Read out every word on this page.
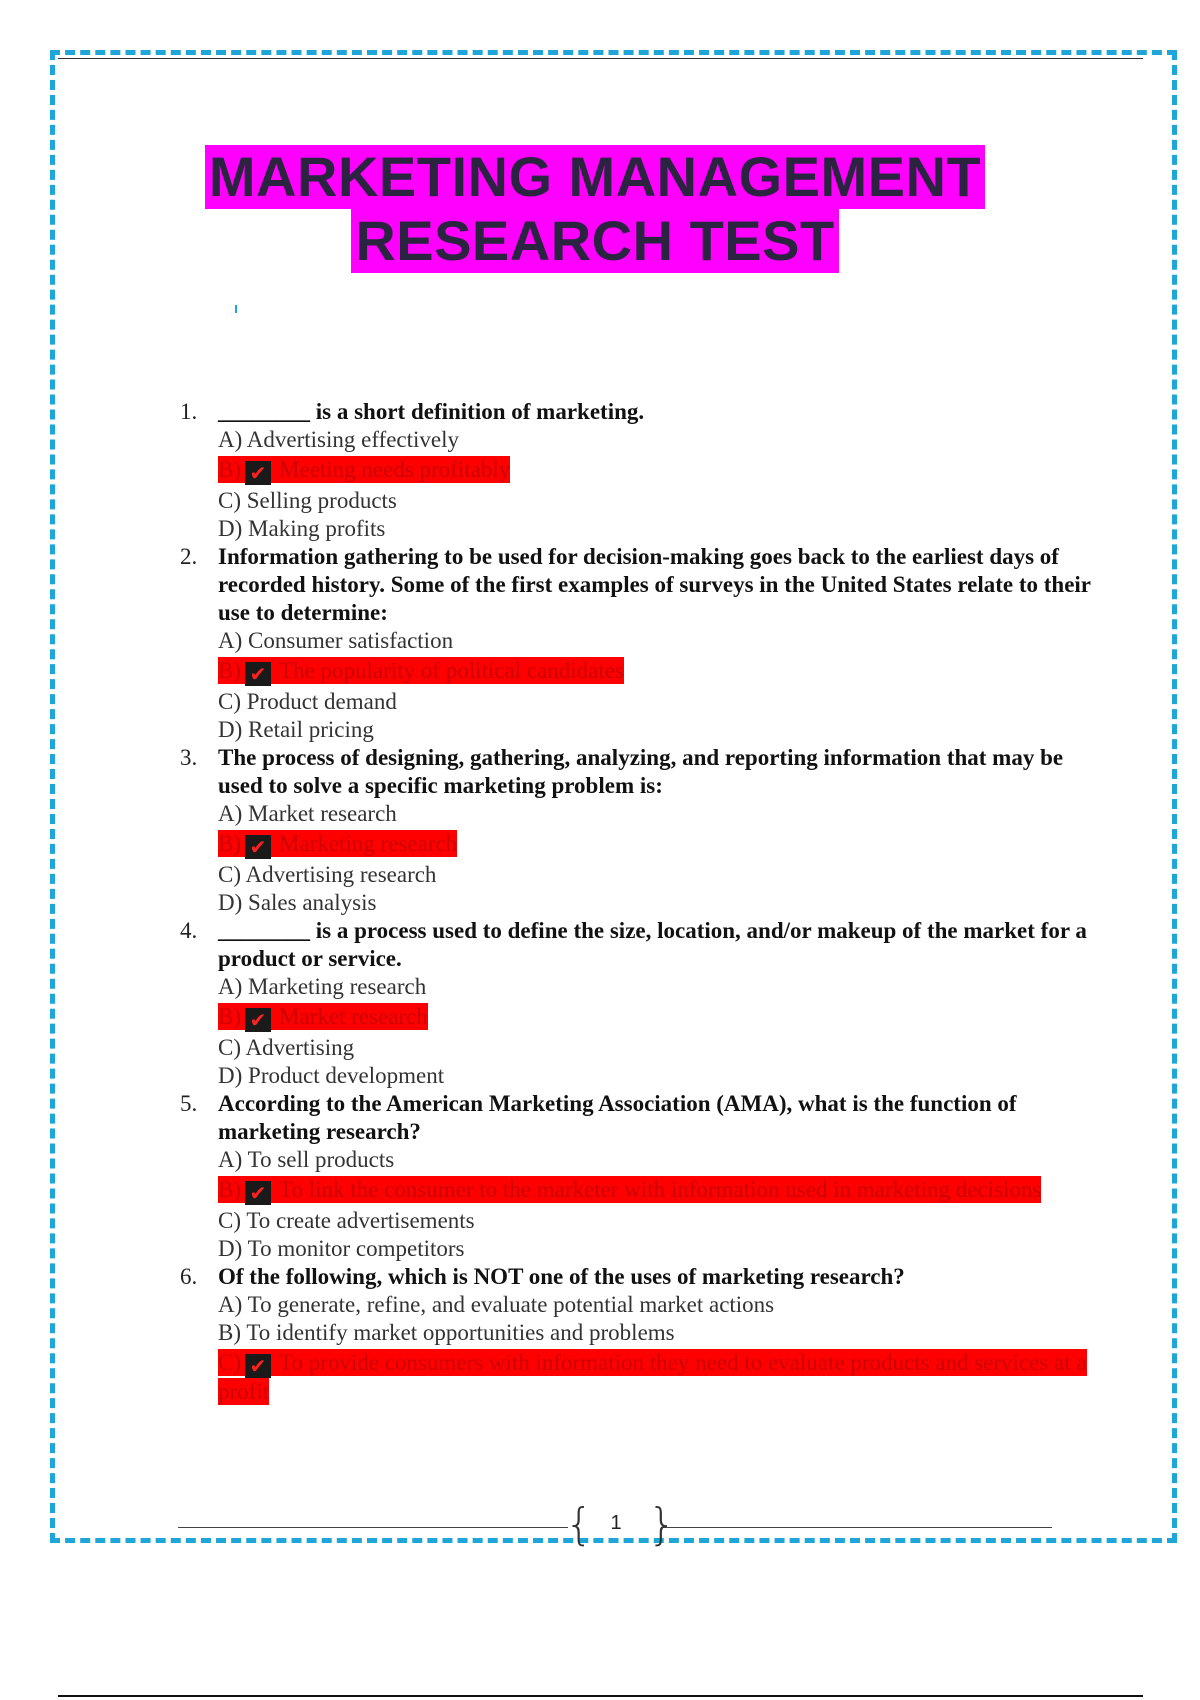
MARKETING MANAGEMENT
RESEARCH TEST
1. ________ is a short definition of marketing.
A) Advertising effectively
B) ✔ Meeting needs profitably
C) Selling products
D) Making profits
2. Information gathering to be used for decision-making goes back to the earliest days of recorded history. Some of the first examples of surveys in the United States relate to their use to determine:
A) Consumer satisfaction
B) ✔ The popularity of political candidates
C) Product demand
D) Retail pricing
3. The process of designing, gathering, analyzing, and reporting information that may be used to solve a specific marketing problem is:
A) Market research
B) ✔ Marketing research
C) Advertising research
D) Sales analysis
4. ________ is a process used to define the size, location, and/or makeup of the market for a product or service.
A) Marketing research
B) ✔ Market research
C) Advertising
D) Product development
5. According to the American Marketing Association (AMA), what is the function of marketing research?
A) To sell products
B) ✔ To link the consumer to the marketer with information used in marketing decisions
C) To create advertisements
D) To monitor competitors
6. Of the following, which is NOT one of the uses of marketing research?
A) To generate, refine, and evaluate potential market actions
B) To identify market opportunities and problems
C) ✔ To provide consumers with information they need to evaluate products and services at a profit
{ }
1
